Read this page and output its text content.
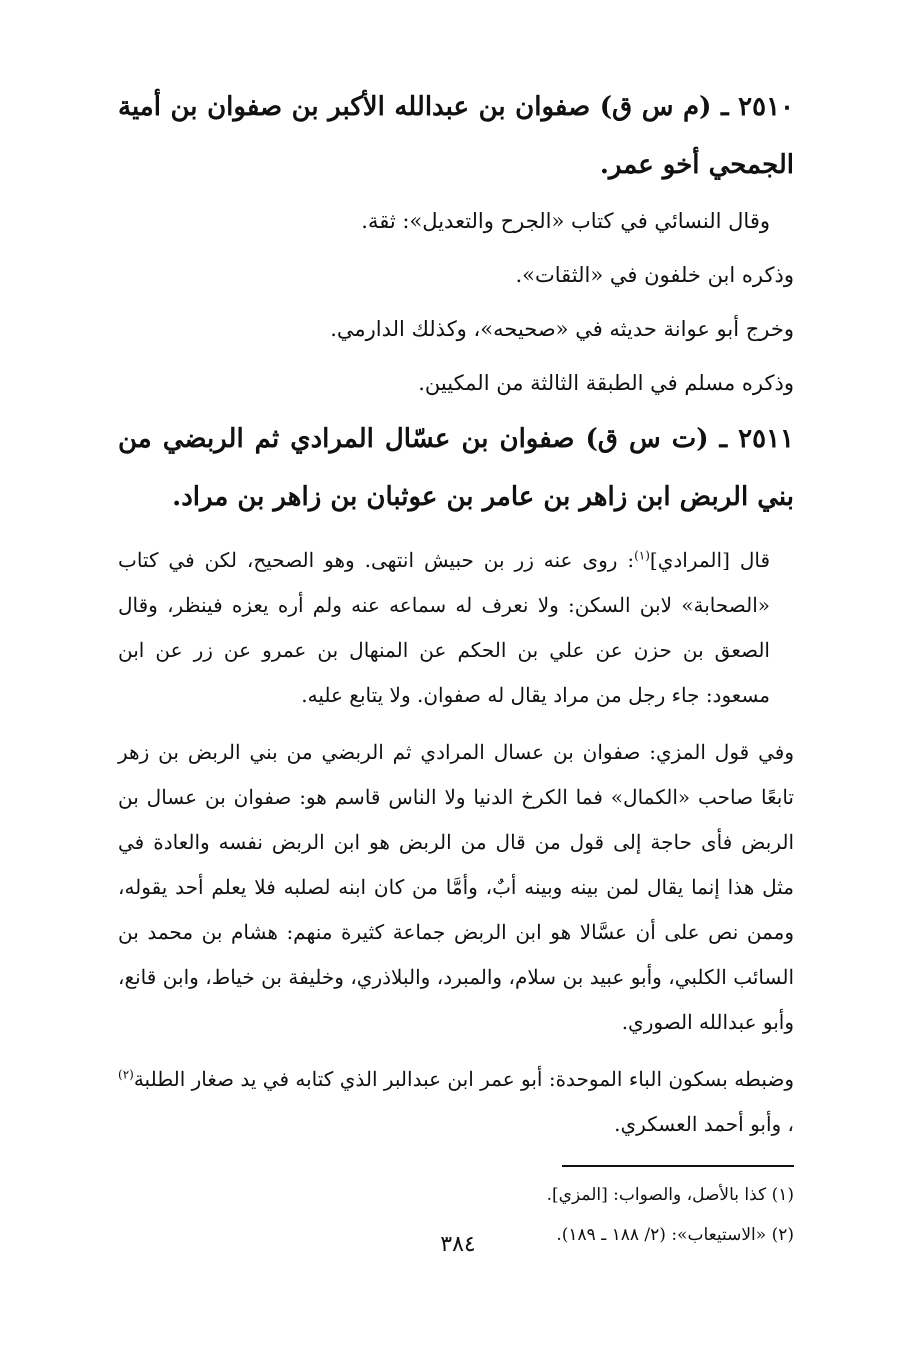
٢٥١٠ ـ (م س ق) صفوان بن عبدالله الأكبر بن صفوان بن أمية الجمحي أخو عمر.

وقال النسائي في كتاب «الجرح والتعديل»: ثقة.

وذكره ابن خلفون في «الثقات».

وخرج أبو عوانة حديثه في «صحيحه»، وكذلك الدارمي.

وذكره مسلم في الطبقة الثالثة من المكيين.

٢٥١١ ـ (ت س ق) صفوان بن عسّال المرادي ثم الربضي من بني الربض ابن زاهر بن عامر بن عوثبان بن زاهر بن مراد.

قال [المرادي]$^{(١)}$: روى عنه زر بن حبيش انتهى. وهو الصحيح، لكن في كتاب «الصحابة» لابن السكن: ولا نعرف له سماعه عنه ولم أره يعزه فينظر، وقال الصعق بن حزن عن علي بن الحكم عن المنهال بن عمرو عن زر عن ابن مسعود: جاء رجل من مراد يقال له صفوان. ولا يتابع عليه.

وفي قول المزي: صفوان بن عسال المرادي ثم الربضي من بني الربض بن زهر تابعًا صاحب «الكمال» فما الكرخ الدنيا ولا الناس قاسم هو: صفوان بن عسال بن الربض فأى حاجة إلى قول من قال من الربض هو ابن الربض نفسه والعادة في مثل هذا إنما يقال لمن بينه وبينه أبٌ، وأمَّا من كان ابنه لصلبه فلا يعلم أحد يقوله، وممن نص على أن عسَّالا هو ابن الربض جماعة كثيرة منهم: هشام بن محمد بن السائب الكلبي، وأبو عبيد بن سلام، والمبرد، والبلاذري، وخليفة بن خياط، وابن قانع، وأبو عبدالله الصوري.

وضبطه بسكون الباء الموحدة: أبو عمر ابن عبدالبر الذي كتابه في يد صغار الطلبة$^{(٢)}$ ، وأبو أحمد العسكري.

(١) كذا بالأصل، والصواب: [المزي].

(٢) «الاستيعاب»: (٢/ ١٨٨ ـ ١٨٩).

٣٨٤
